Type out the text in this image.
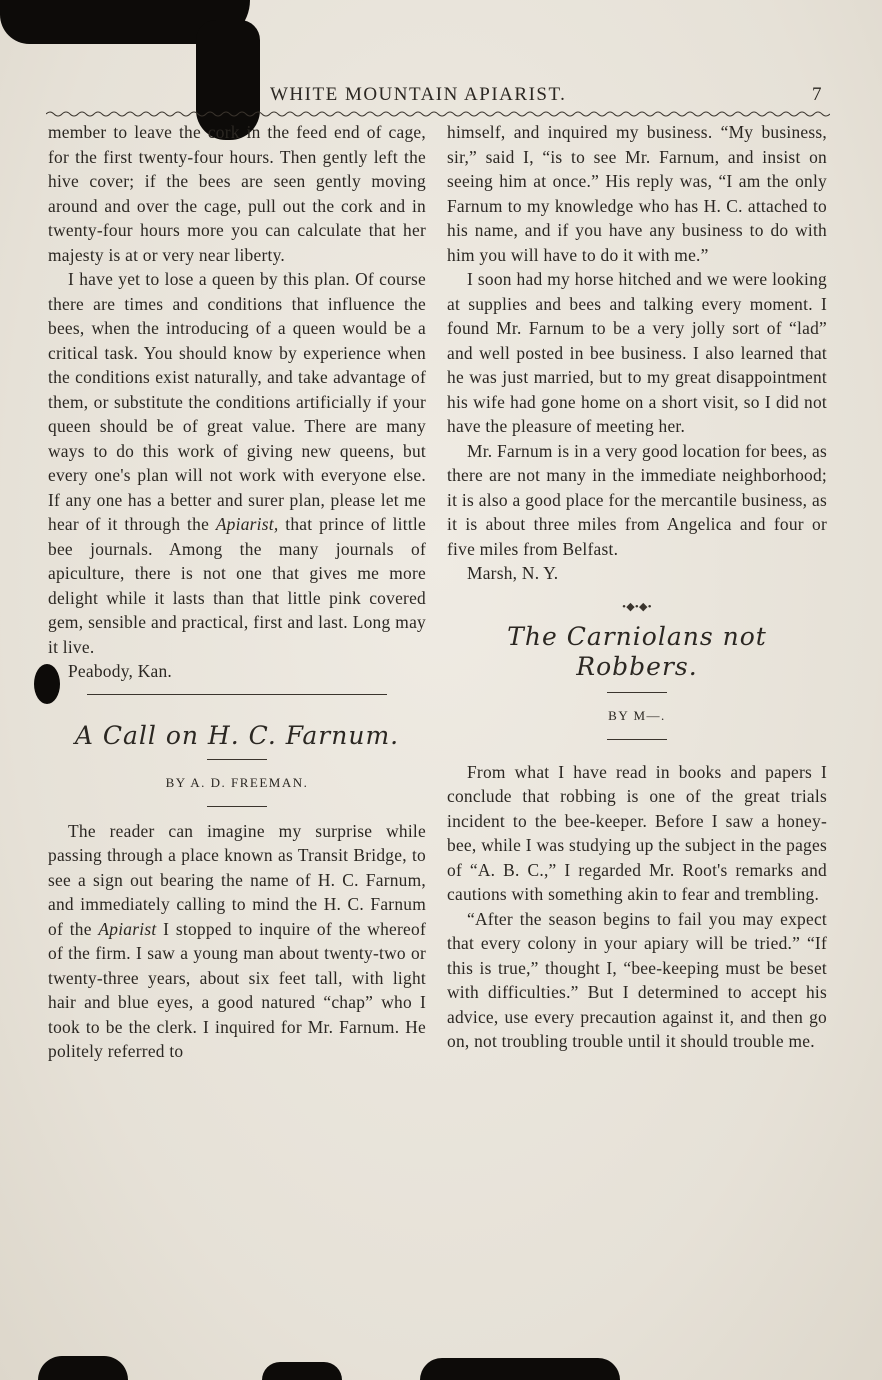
WHITE MOUNTAIN APIARIST.	7

member to leave the cork in the feed end of cage, for the first twenty-four hours. Then gently left the hive cover; if the bees are seen gently moving around and over the cage, pull out the cork and in twenty-four hours more you can calculate that her majesty is at or very near liberty.

I have yet to lose a queen by this plan. Of course there are times and conditions that influence the bees, when the introducing of a queen would be a critical task. You should know by experience when the conditions exist naturally, and take advantage of them, or substitute the conditions artificially if your queen should be of great value. There are many ways to do this work of giving new queens, but every one's plan will not work with everyone else. If any one has a better and surer plan, please let me hear of it through the Apiarist, that prince of little bee journals. Among the many journals of apiculture, there is not one that gives me more delight while it lasts than that little pink covered gem, sensible and practical, first and last. Long may it live.

Peabody, Kan.

A Call on H. C. Farnum.

BY A. D. FREEMAN.

The reader can imagine my surprise while passing through a place known as Transit Bridge, to see a sign out bearing the name of H. C. Farnum, and immediately calling to mind the H. C. Farnum of the Apiarist I stopped to inquire of the whereof of the firm. I saw a young man about twenty-two or twenty-three years, about six feet tall, with light hair and blue eyes, a good natured “chap” who I took to be the clerk. I inquired for Mr. Farnum. He politely referred to

himself, and inquired my business. “My business, sir,” said I, “is to see Mr. Farnum, and insist on seeing him at once.” His reply was, “I am the only Farnum to my knowledge who has H. C. attached to his name, and if you have any business to do with him you will have to do it with me.”

I soon had my horse hitched and we were looking at supplies and bees and talking every moment. I found Mr. Farnum to be a very jolly sort of “lad” and well posted in bee business. I also learned that he was just married, but to my great disappointment his wife had gone home on a short visit, so I did not have the pleasure of meeting her.

Mr. Farnum is in a very good location for bees, as there are not many in the immediate neighborhood; it is also a good place for the mercantile business, as it is about three miles from Angelica and four or five miles from Belfast.

Marsh, N. Y.

•◆•◆•
The Carniolans not Robbers.

BY M—.

From what I have read in books and papers I conclude that robbing is one of the great trials incident to the bee-keeper. Before I saw a honey-bee, while I was studying up the subject in the pages of “A. B. C.,” I regarded Mr. Root's remarks and cautions with something akin to fear and trembling.

“After the season begins to fail you may expect that every colony in your apiary will be tried.” “If this is true,” thought I, “bee-keeping must be beset with difficulties.” But I determined to accept his advice, use every precaution against it, and then go on, not troubling trouble until it should trouble me.
